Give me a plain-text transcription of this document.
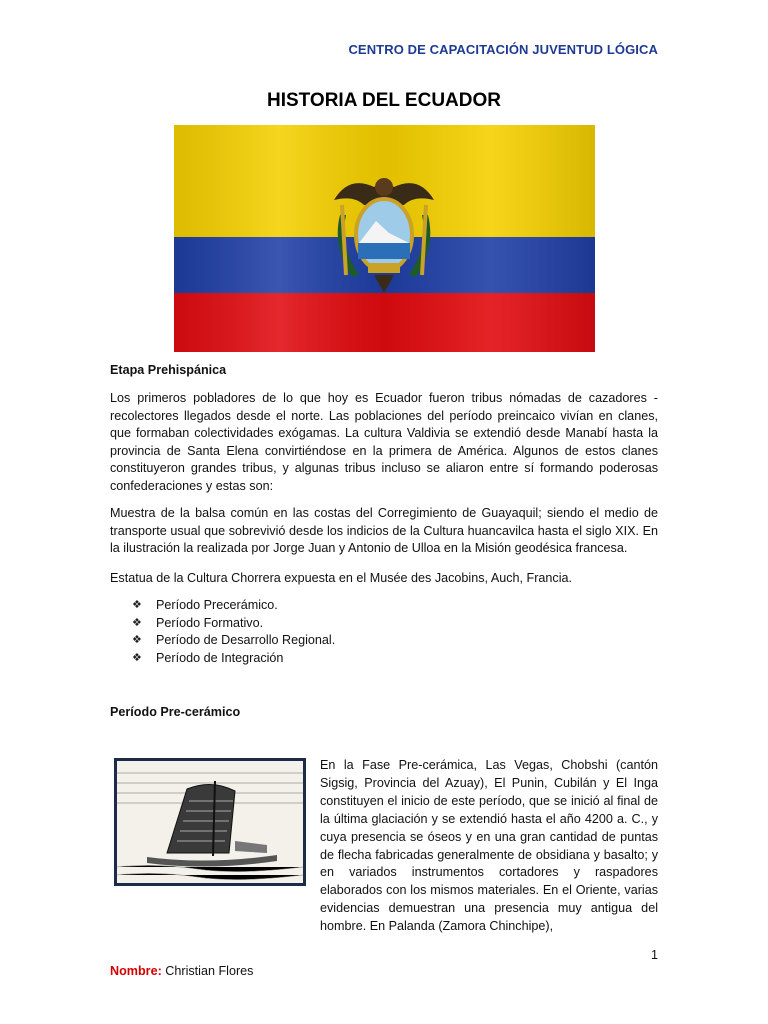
CENTRO DE CAPACITACIÓN JUVENTUD LÓGICA
HISTORIA DEL ECUADOR
Etapa Prehispánica
Los primeros pobladores de lo que hoy es Ecuador fueron tribus nómadas de cazadores - recolectores llegados desde el norte. Las poblaciones del período preincaico vivían en clanes, que formaban colectividades exógamas. La cultura Valdivia se extendió desde Manabí hasta la provincia de Santa Elena convirtiéndose en la primera de América. Algunos de estos clanes constituyeron grandes tribus, y algunas tribus incluso se aliaron entre sí formando poderosas confederaciones y estas son:
Muestra de la balsa común en las costas del Corregimiento de Guayaquil; siendo el medio de transporte usual que sobrevivió desde los indicios de la Cultura huancavilca hasta el siglo XIX. En la ilustración la realizada por Jorge Juan y Antonio de Ulloa en la Misión geodésica francesa.
Estatua de la Cultura Chorrera expuesta en el Musée des Jacobins, Auch, Francia.
❖	Período Precerámico.
❖	Período Formativo.
❖	Período de Desarrollo Regional.
❖	Período de Integración
Período Pre-cerámico
En la Fase Pre-cerámica, Las Vegas, Chobshi (cantón Sigsig, Provincia del Azuay), El Punin, Cubilán y El Inga constituyen el inicio de este período, que se inició al final de la última glaciación y se extendió hasta el año 4200 a. C., y cuya presencia se óseos y en una gran cantidad de puntas de flecha fabricadas generalmente de obsidiana y basalto; y en variados instrumentos cortadores y raspadores elaborados con los mismos materiales. En el Oriente, varias evidencias demuestran una presencia muy antigua del hombre. En Palanda (Zamora Chinchipe),
1
Nombre: Christian Flores
